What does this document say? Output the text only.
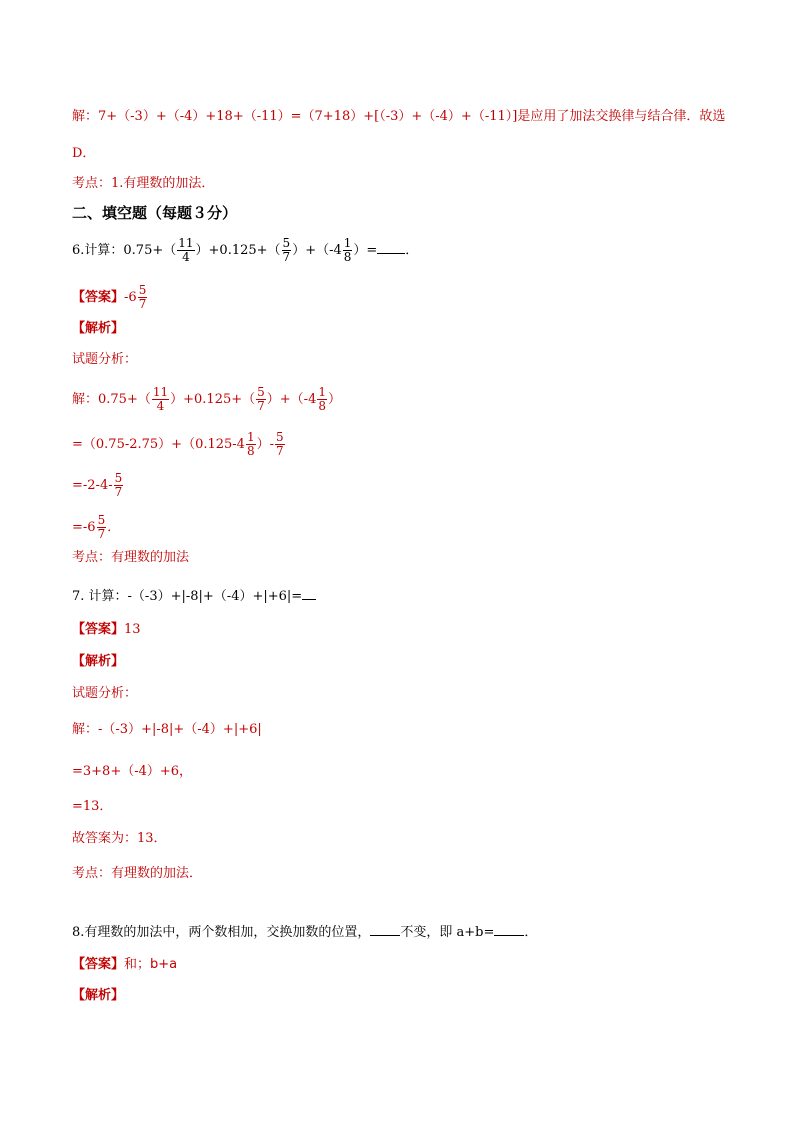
解：7+（-3）+（-4）+18+（-11）=（7+18）+[（-3）+（-4）+（-11）]是应用了加法交换律与结合律．故选
D．
考点：1.有理数的加法．
二、填空题（每题３分）
6.计算：$0.75+( \frac{11}{4} )+0.125+( \frac{5}{7} )+(-4 \frac{1}{8}$ ）= ．
【答案】$-6 \frac{5}{7}$
【解析】
试题分析：
解：$0.75+( \frac{11}{4} )+0.125+( \frac{5}{7} )+(-4 \frac{1}{8}$ ）
$=(0.75-2.75)+(0.125-4 \frac{1}{8}$ ）- $\frac{5}{7}$
$=-2-4- \frac{5}{7}$
$=-6 \frac{5}{7}$ ．
考点：有理数的加法
7. 计算：-（-3）+|-8|+（-4）+|+6|=
【答案】13
【解析】
试题分析：
解：-（-3）+|-8|+（-4）+|+6|
=3+8+（-4）+6，
=13．
故答案为：13．
考点：有理数的加法．
8.有理数的加法中，两个数相加，交换加数的位置， 不变，即 a+b= ．
【答案】和；b+a
【解析】
